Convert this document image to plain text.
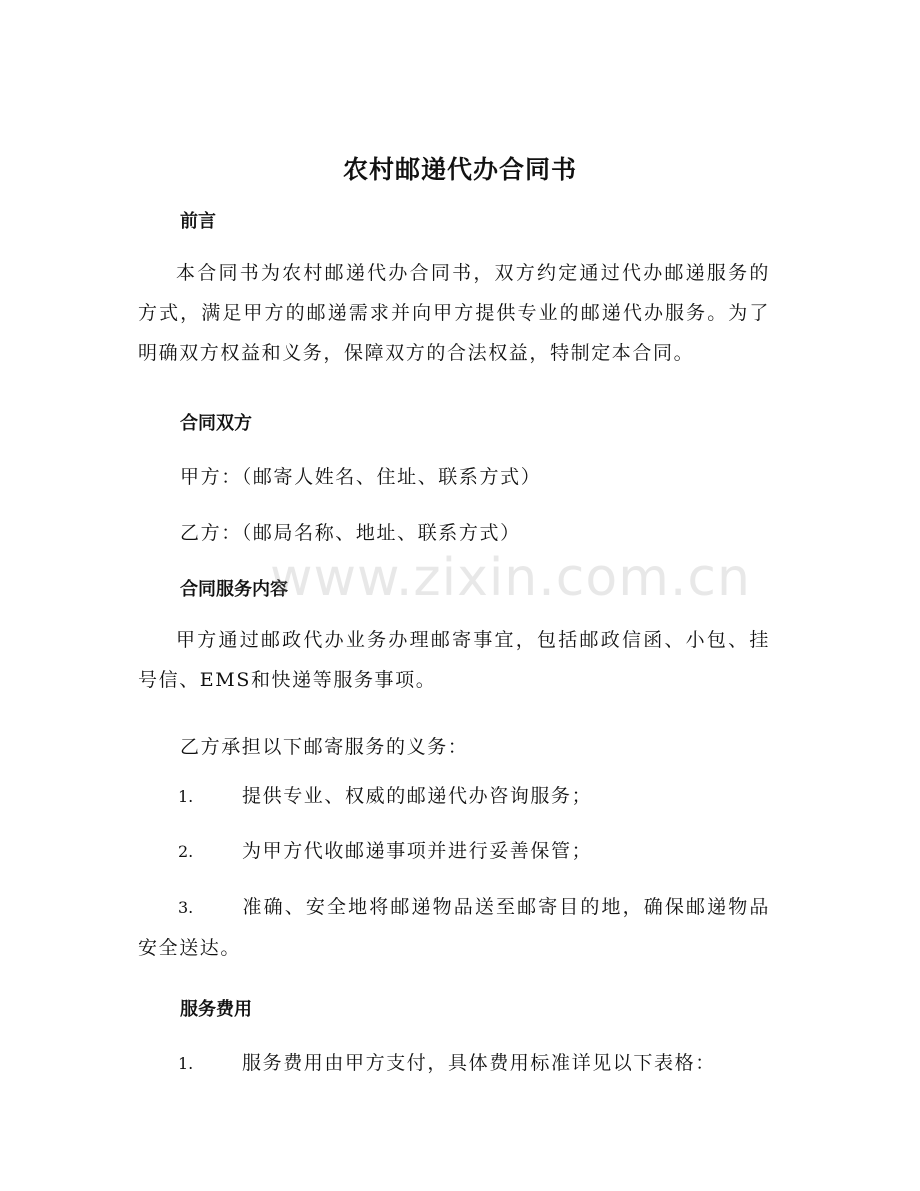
农村邮递代办合同书
前言

本合同书为农村邮递代办合同书，双方约定通过代办邮递服务的方式，满足甲方的邮递需求并向甲方提供专业的邮递代办服务。为了明确双方权益和义务，保障双方的合法权益，特制定本合同。

合同双方

甲方：（邮寄人姓名、住址、联系方式）

乙方：（邮局名称、地址、联系方式）

合同服务内容

甲方通过邮政代办业务办理邮寄事宜，包括邮政信函、小包、挂号信、EMS和快递等服务事项。

乙方承担以下邮寄服务的义务：

1.	提供专业、权威的邮递代办咨询服务；

2.	为甲方代收邮递事项并进行妥善保管；

3.	准确、安全地将邮递物品送至邮寄目的地，确保邮递物品安全送达。

服务费用

1.	服务费用由甲方支付，具体费用标准详见以下表格：

www.zixin.com.cn
